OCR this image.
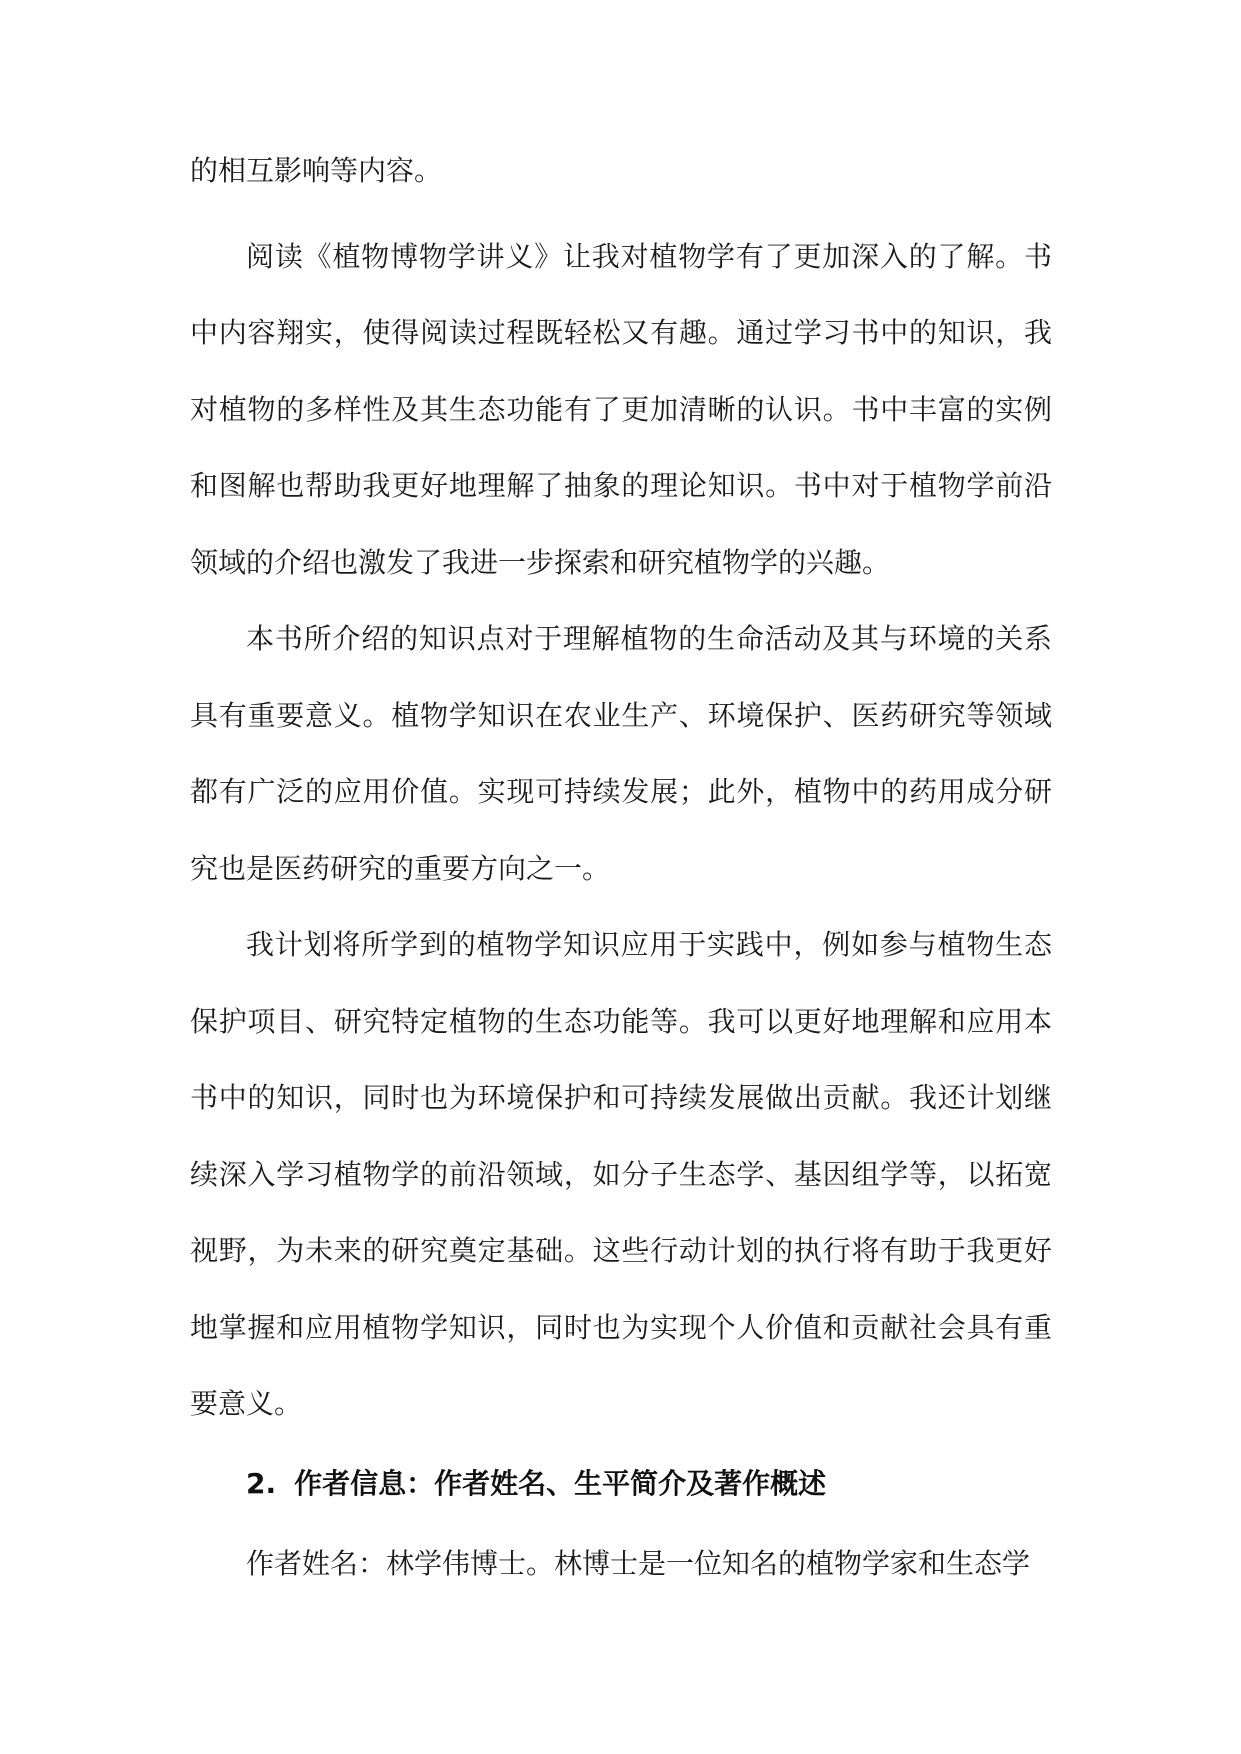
的相互影响等内容。

阅读《植物博物学讲义》让我对植物学有了更加深入的了解。书中内容翔实，使得阅读过程既轻松又有趣。通过学习书中的知识，我对植物的多样性及其生态功能有了更加清晰的认识。书中丰富的实例和图解也帮助我更好地理解了抽象的理论知识。书中对于植物学前沿领域的介绍也激发了我进一步探索和研究植物学的兴趣。

本书所介绍的知识点对于理解植物的生命活动及其与环境的关系具有重要意义。植物学知识在农业生产、环境保护、医药研究等领域都有广泛的应用价值。实现可持续发展；此外，植物中的药用成分研究也是医药研究的重要方向之一。

我计划将所学到的植物学知识应用于实践中，例如参与植物生态保护项目、研究特定植物的生态功能等。我可以更好地理解和应用本书中的知识，同时也为环境保护和可持续发展做出贡献。我还计划继续深入学习植物学的前沿领域，如分子生态学、基因组学等，以拓宽视野，为未来的研究奠定基础。这些行动计划的执行将有助于我更好地掌握和应用植物学知识，同时也为实现个人价值和贡献社会具有重要意义。

2. 作者信息：作者姓名、生平简介及著作概述
作者姓名：林学伟博士。林博士是一位知名的植物学家和生态学
